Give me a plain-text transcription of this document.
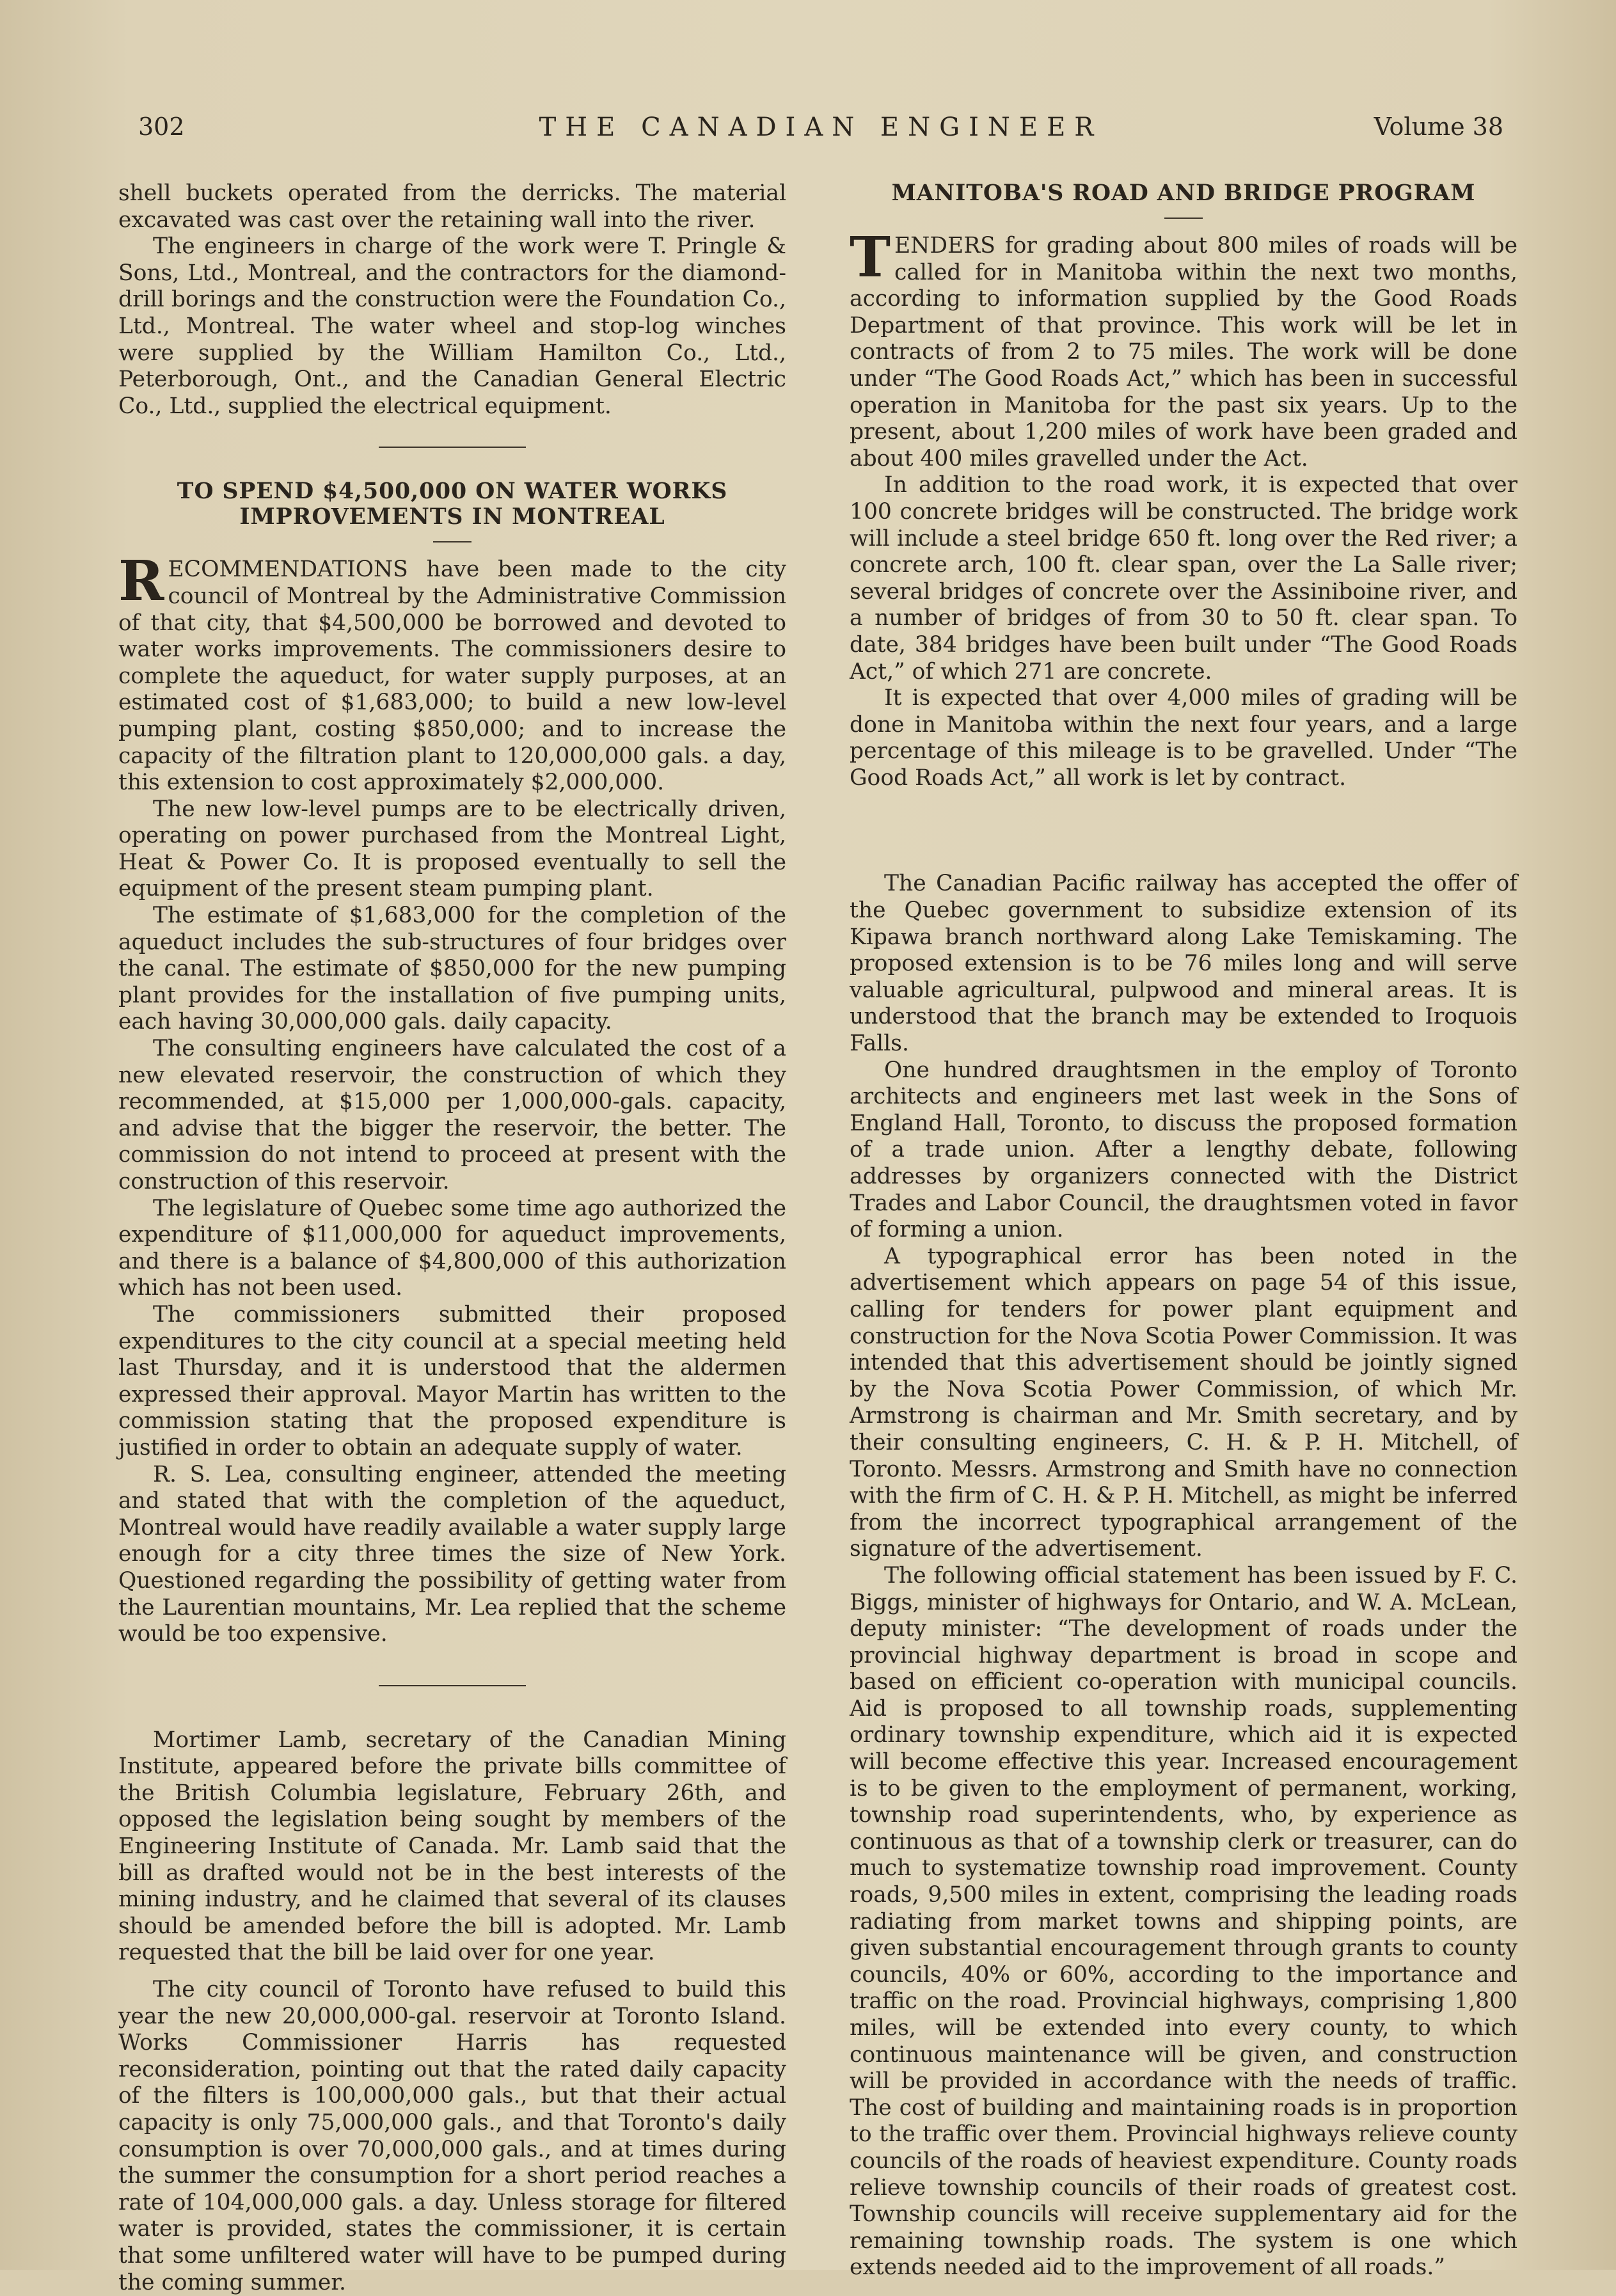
302	THE CANADIAN ENGINEER	Volume 38

shell buckets operated from the derricks. The material excavated was cast over the retaining wall into the river.

The engineers in charge of the work were T. Pringle & Sons, Ltd., Montreal, and the contractors for the diamond-drill borings and the construction were the Foundation Co., Ltd., Montreal. The water wheel and stop-log winches were supplied by the William Hamilton Co., Ltd., Peterborough, Ont., and the Canadian General Electric Co., Ltd., supplied the electrical equipment.

TO SPEND $4,500,000 ON WATER WORKS IMPROVEMENTS IN MONTREAL

RECOMMENDATIONS have been made to the city council of Montreal by the Administrative Commission of that city, that $4,500,000 be borrowed and devoted to water works improvements. The commissioners desire to complete the aqueduct, for water supply purposes, at an estimated cost of $1,683,000; to build a new low-level pumping plant, costing $850,000; and to increase the capacity of the filtration plant to 120,000,000 gals. a day, this extension to cost approximately $2,000,000.

The new low-level pumps are to be electrically driven, operating on power purchased from the Montreal Light, Heat & Power Co. It is proposed eventually to sell the equipment of the present steam pumping plant.

The estimate of $1,683,000 for the completion of the aqueduct includes the sub-structures of four bridges over the canal. The estimate of $850,000 for the new pumping plant provides for the installation of five pumping units, each having 30,000,000 gals. daily capacity.

The consulting engineers have calculated the cost of a new elevated reservoir, the construction of which they recommended, at $15,000 per 1,000,000-gals. capacity, and advise that the bigger the reservoir, the better. The commission do not intend to proceed at present with the construction of this reservoir.

The legislature of Quebec some time ago authorized the expenditure of $11,000,000 for aqueduct improvements, and there is a balance of $4,800,000 of this authorization which has not been used.

The commissioners submitted their proposed expenditures to the city council at a special meeting held last Thursday, and it is understood that the aldermen expressed their approval. Mayor Martin has written to the commission stating that the proposed expenditure is justified in order to obtain an adequate supply of water.

R. S. Lea, consulting engineer, attended the meeting and stated that with the completion of the aqueduct, Montreal would have readily available a water supply large enough for a city three times the size of New York. Questioned regarding the possibility of getting water from the Laurentian mountains, Mr. Lea replied that the scheme would be too expensive.

Mortimer Lamb, secretary of the Canadian Mining Institute, appeared before the private bills committee of the British Columbia legislature, February 26th, and opposed the legislation being sought by members of the Engineering Institute of Canada. Mr. Lamb said that the bill as drafted would not be in the best interests of the mining industry, and he claimed that several of its clauses should be amended before the bill is adopted. Mr. Lamb requested that the bill be laid over for one year.

The city council of Toronto have refused to build this year the new 20,000,000-gal. reservoir at Toronto Island. Works Commissioner Harris has requested reconsideration, pointing out that the rated daily capacity of the filters is 100,000,000 gals., but that their actual capacity is only 75,000,000 gals., and that Toronto's daily consumption is over 70,000,000 gals., and at times during the summer the consumption for a short period reaches a rate of 104,000,000 gals. a day. Unless storage for filtered water is provided, states the commissioner, it is certain that some unfiltered water will have to be pumped during the coming summer.

MANITOBA'S ROAD AND BRIDGE PROGRAM

TENDERS for grading about 800 miles of roads will be called for in Manitoba within the next two months, according to information supplied by the Good Roads Department of that province. This work will be let in contracts of from 2 to 75 miles. The work will be done under “The Good Roads Act,” which has been in successful operation in Manitoba for the past six years. Up to the present, about 1,200 miles of work have been graded and about 400 miles gravelled under the Act.

In addition to the road work, it is expected that over 100 concrete bridges will be constructed. The bridge work will include a steel bridge 650 ft. long over the Red river; a concrete arch, 100 ft. clear span, over the La Salle river; several bridges of concrete over the Assiniboine river, and a number of bridges of from 30 to 50 ft. clear span. To date, 384 bridges have been built under “The Good Roads Act,” of which 271 are concrete.

It is expected that over 4,000 miles of grading will be done in Manitoba within the next four years, and a large percentage of this mileage is to be gravelled. Under “The Good Roads Act,” all work is let by contract.

The Canadian Pacific railway has accepted the offer of the Quebec government to subsidize extension of its Kipawa branch northward along Lake Temiskaming. The proposed extension is to be 76 miles long and will serve valuable agricultural, pulpwood and mineral areas. It is understood that the branch may be extended to Iroquois Falls.

One hundred draughtsmen in the employ of Toronto architects and engineers met last week in the Sons of England Hall, Toronto, to discuss the proposed formation of a trade union. After a lengthy debate, following addresses by organizers connected with the District Trades and Labor Council, the draughtsmen voted in favor of forming a union.

A typographical error has been noted in the advertisement which appears on page 54 of this issue, calling for tenders for power plant equipment and construction for the Nova Scotia Power Commission. It was intended that this advertisement should be jointly signed by the Nova Scotia Power Commission, of which Mr. Armstrong is chairman and Mr. Smith secretary, and by their consulting engineers, C. H. & P. H. Mitchell, of Toronto. Messrs. Armstrong and Smith have no connection with the firm of C. H. & P. H. Mitchell, as might be inferred from the incorrect typographical arrangement of the signature of the advertisement.

The following official statement has been issued by F. C. Biggs, minister of highways for Ontario, and W. A. McLean, deputy minister: “The development of roads under the provincial highway department is broad in scope and based on efficient co-operation with municipal councils. Aid is proposed to all township roads, supplementing ordinary township expenditure, which aid it is expected will become effective this year. Increased encouragement is to be given to the employment of permanent, working, township road superintendents, who, by experience as continuous as that of a township clerk or treasurer, can do much to systematize township road improvement. County roads, 9,500 miles in extent, comprising the leading roads radiating from market towns and shipping points, are given substantial encouragement through grants to county councils, 40% or 60%, according to the importance and traffic on the road. Provincial highways, comprising 1,800 miles, will be extended into every county, to which continuous maintenance will be given, and construction will be provided in accordance with the needs of traffic. The cost of building and maintaining roads is in proportion to the traffic over them. Provincial highways relieve county councils of the roads of heaviest expenditure. County roads relieve township councils of their roads of greatest cost. Township councils will receive supplementary aid for the remaining township roads. The system is one which extends needed aid to the improvement of all roads.”
